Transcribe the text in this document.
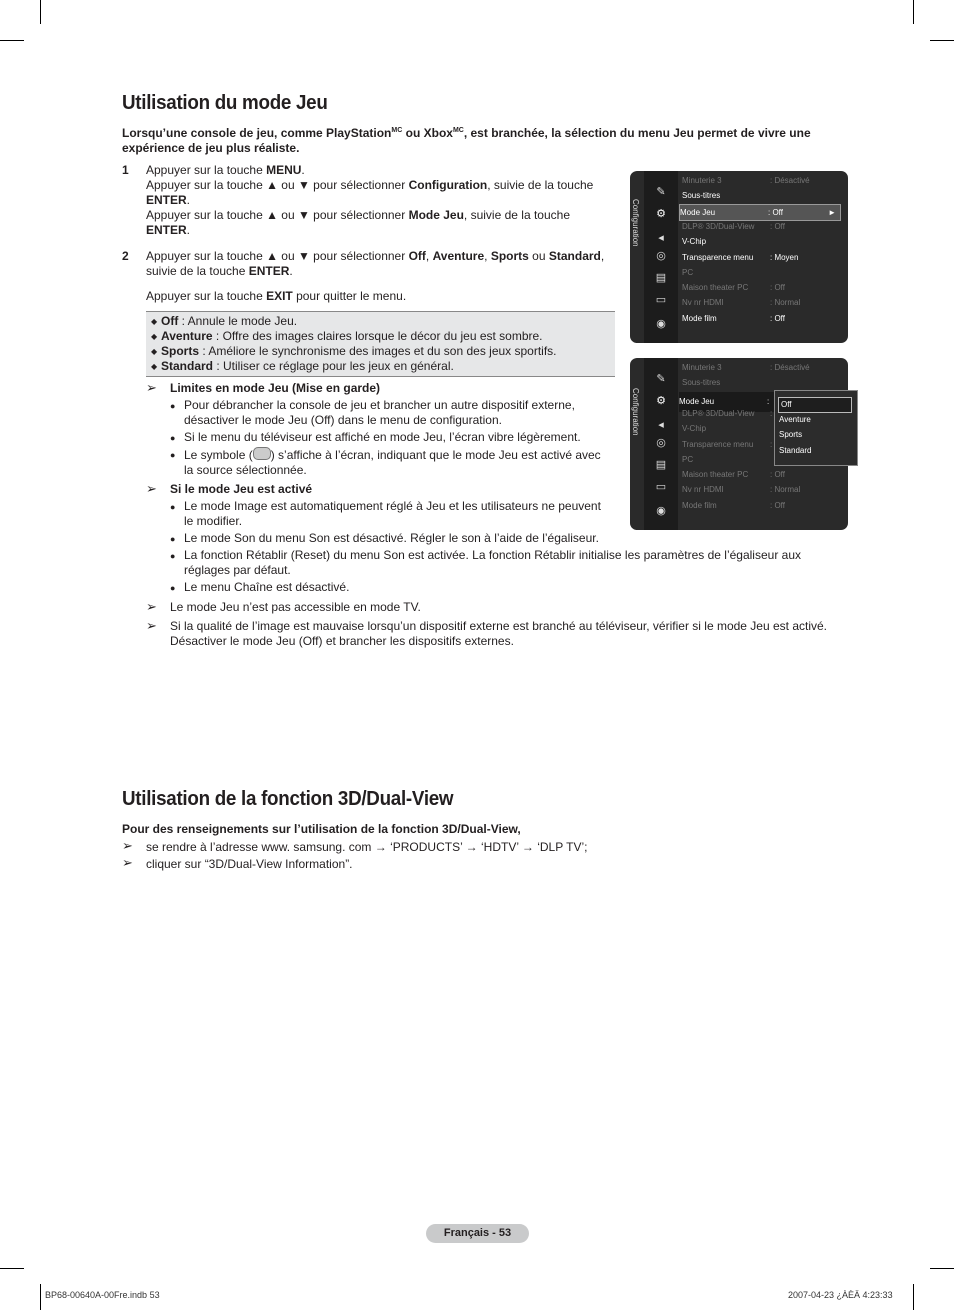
Utilisation du mode Jeu
Lorsqu’une console de jeu, comme PlayStation$^{MC}$ ou Xbox$^{MC}$, est branchée, la sélection du menu Jeu permet de vivre une
expérience de jeu plus réaliste.
1 Appuyer sur la touche MENU.
Appuyer sur la touche ▲ ou ▼ pour sélectionner Configuration, suivie de la touche
ENTER.
Appuyer sur la touche ▲ ou ▼ pour sélectionner Mode Jeu, suivie de la touche
ENTER.
2 Appuyer sur la touche ▲ ou ▼ pour sélectionner Off, Aventure, Sports ou Standard,
suivie de la touche ENTER.

Appuyer sur la touche EXIT pour quitter le menu.
◆ Off : Annule le mode Jeu.
◆ Aventure : Offre des images claires lorsque le décor du jeu est sombre.
◆ Sports : Améliore le synchronisme des images et du son des jeux sportifs.
◆ Standard : Utiliser ce réglage pour les jeux en général.
➢ Limites en mode Jeu (Mise en garde)
● Pour débrancher la console de jeu et brancher un autre dispositif externe,
désactiver le mode Jeu (Off) dans le menu de configuration.
● Si le menu du téléviseur est affiché en mode Jeu, l’écran vibre légèrement.
● Le symbole ( ) s’affiche à l’écran, indiquant que le mode Jeu est activé avec
la source sélectionnée.
➢ Si le mode Jeu est activé
● Le mode Image est automatiquement réglé à Jeu et les utilisateurs ne peuvent
le modifier.
● Le mode Son du menu Son est désactivé. Régler le son à l’aide de l’égaliseur.
● La fonction Rétablir (Reset) du menu Son est activée. La fonction Rétablir initialise les paramètres de l’égaliseur aux
réglages par défaut.
● Le menu Chaîne est désactivé.
➢ Le mode Jeu n’est pas accessible en mode TV.
➢ Si la qualité de l’image est mauvaise lorsqu’un dispositif externe est branché au téléviseur, vérifier si le mode Jeu est activé.
Désactiver le mode Jeu (Off) et brancher les dispositifs externes.
Configuration
✎
⚙
◂
◎
▤
▭
◉
Minuterie 3	: Désactivé
Sous-titres
Mode Jeu	: Off	►
DLP® 3D/Dual-View : Off
V-Chip
Transparence menu : Moyen
PC
Maison theater PC	: Off
Nv nr HDMI	: Normal
Mode film	: Off
Configuration
✎
⚙
◂
◎
▤
▭
◉
Minuterie 3	: Désactivé
Sous-titres
Mode Jeu	:
DLP® 3D/Dual-View :
V-Chip
Transparence menu :
PC
Maison theater PC	: Off
Nv nr HDMI	: Normal
Mode film	: Off
Off
Aventure
Sports
Standard
Utilisation de la fonction 3D/Dual-View
Pour des renseignements sur l’utilisation de la fonction 3D/Dual-View,
➢ se rendre à l’adresse www. samsung. com → ‘PRODUCTS’ → ‘HDTV’ → ‘DLP TV’;
➢ cliquer sur “3D/Dual-View Information”.
Français - 53
BP68-00640A-00Fre.indb 53	2007-04-23 ¿ÀÈÄ 4:23:33
